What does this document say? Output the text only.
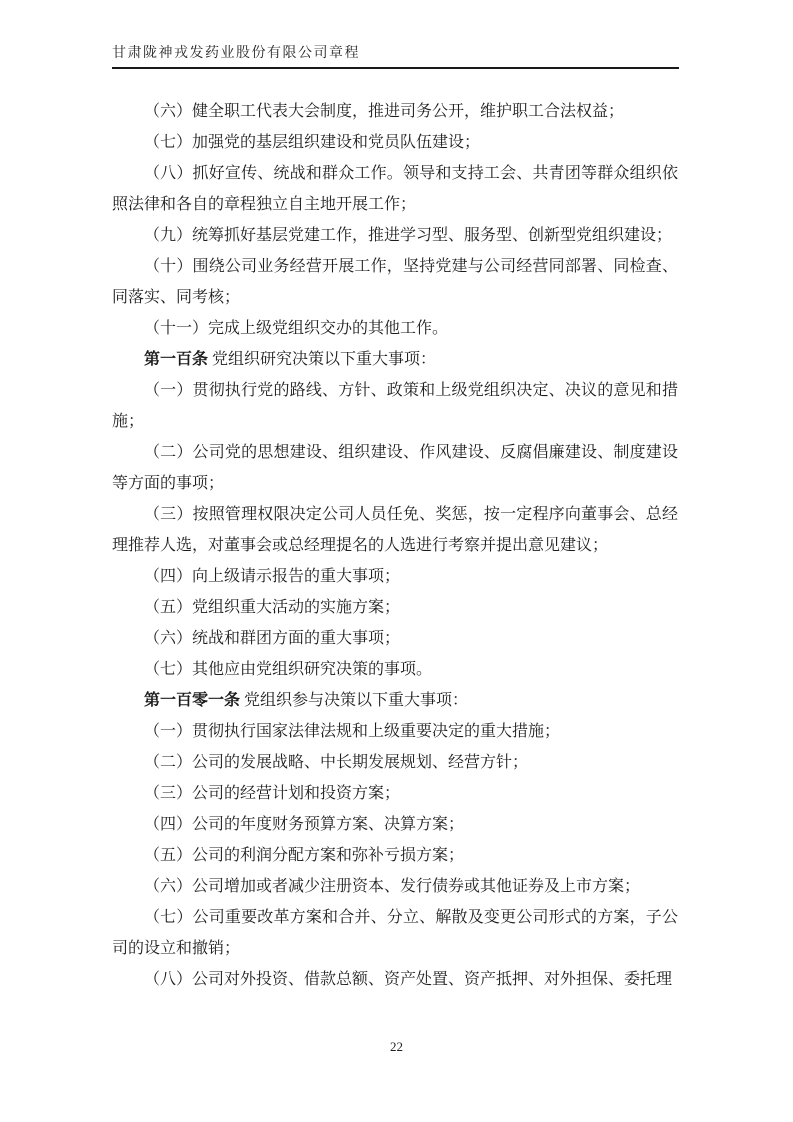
甘肃陇神戎发药业股份有限公司章程

（六）健全职工代表大会制度，推进司务公开，维护职工合法权益；

（七）加强党的基层组织建设和党员队伍建设；

（八）抓好宣传、统战和群众工作。领导和支持工会、共青团等群众组织依照法律和各自的章程独立自主地开展工作；

（九）统筹抓好基层党建工作，推进学习型、服务型、创新型党组织建设；

（十）围绕公司业务经营开展工作，坚持党建与公司经营同部署、同检查、同落实、同考核；

（十一）完成上级党组织交办的其他工作。

第一百条 党组织研究决策以下重大事项：

（一）贯彻执行党的路线、方针、政策和上级党组织决定、决议的意见和措施；

（二）公司党的思想建设、组织建设、作风建设、反腐倡廉建设、制度建设等方面的事项；

（三）按照管理权限决定公司人员任免、奖惩，按一定程序向董事会、总经理推荐人选，对董事会或总经理提名的人选进行考察并提出意见建议；

（四）向上级请示报告的重大事项；

（五）党组织重大活动的实施方案；

（六）统战和群团方面的重大事项；

（七）其他应由党组织研究决策的事项。

第一百零一条 党组织参与决策以下重大事项：

（一）贯彻执行国家法律法规和上级重要决定的重大措施；

（二）公司的发展战略、中长期发展规划、经营方针；

（三）公司的经营计划和投资方案；

（四）公司的年度财务预算方案、决算方案；

（五）公司的利润分配方案和弥补亏损方案；

（六）公司增加或者减少注册资本、发行债券或其他证券及上市方案；

（七）公司重要改革方案和合并、分立、解散及变更公司形式的方案，子公司的设立和撤销；

（八）公司对外投资、借款总额、资产处置、资产抵押、对外担保、委托理

22
